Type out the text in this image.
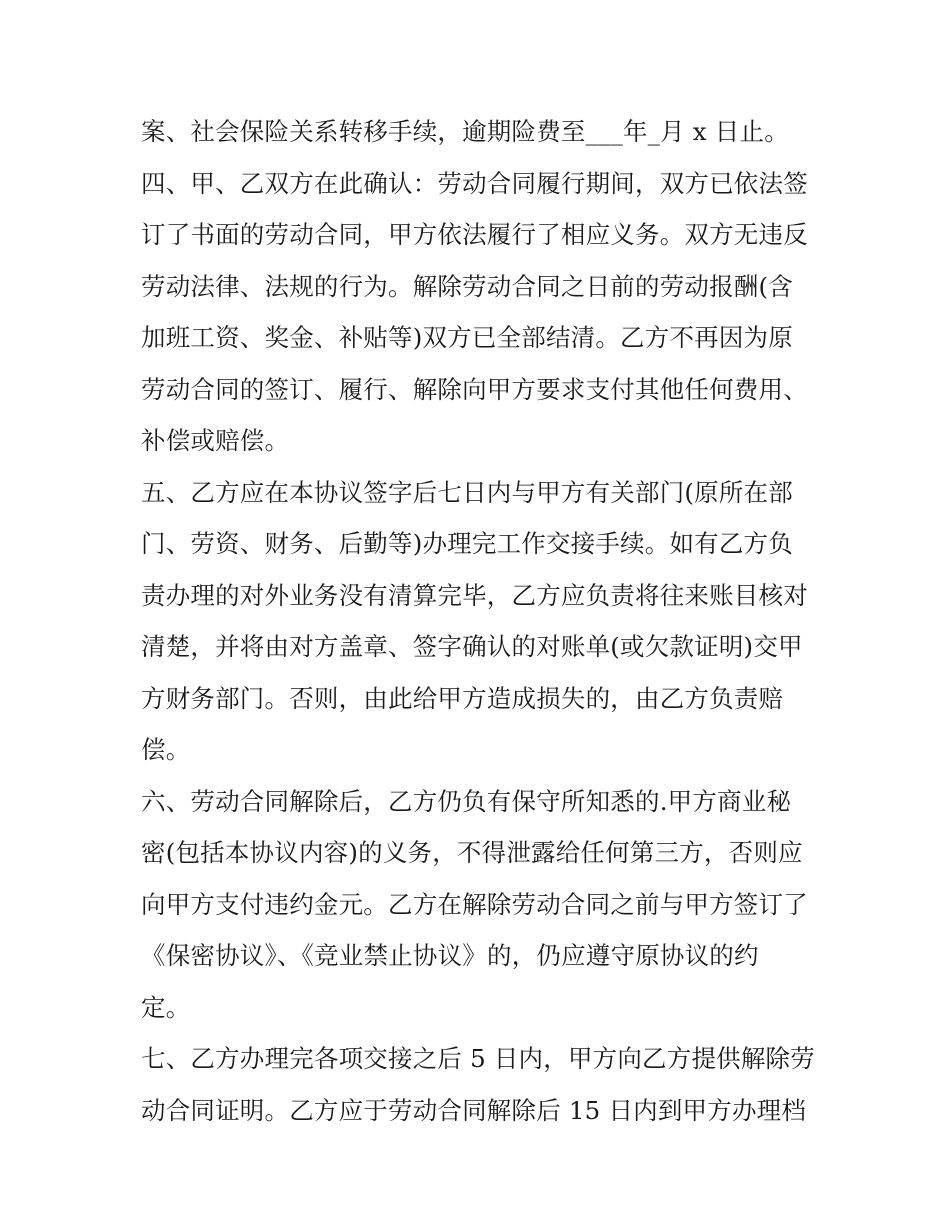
案、社会保险关系转移手续，逾期险费至___年_月 x 日止。
四、甲、乙双方在此确认：劳动合同履行期间，双方已依法签
订了书面的劳动合同，甲方依法履行了相应义务。双方无违反
劳动法律、法规的行为。解除劳动合同之日前的劳动报酬(含
加班工资、奖金、补贴等)双方已全部结清。乙方不再因为原
劳动合同的签订、履行、解除向甲方要求支付其他任何费用、
补偿或赔偿。
五、乙方应在本协议签字后七日内与甲方有关部门(原所在部
门、劳资、财务、后勤等)办理完工作交接手续。如有乙方负
责办理的对外业务没有清算完毕，乙方应负责将往来账目核对
清楚，并将由对方盖章、签字确认的对账单(或欠款证明)交甲
方财务部门。否则，由此给甲方造成损失的，由乙方负责赔
偿。
六、劳动合同解除后，乙方仍负有保守所知悉的.甲方商业秘
密(包括本协议内容)的义务，不得泄露给任何第三方，否则应
向甲方支付违约金元。乙方在解除劳动合同之前与甲方签订了
《保密协议》、《竞业禁止协议》的，仍应遵守原协议的约
定。
七、乙方办理完各项交接之后 5 日内，甲方向乙方提供解除劳
动合同证明。乙方应于劳动合同解除后 15 日内到甲方办理档
